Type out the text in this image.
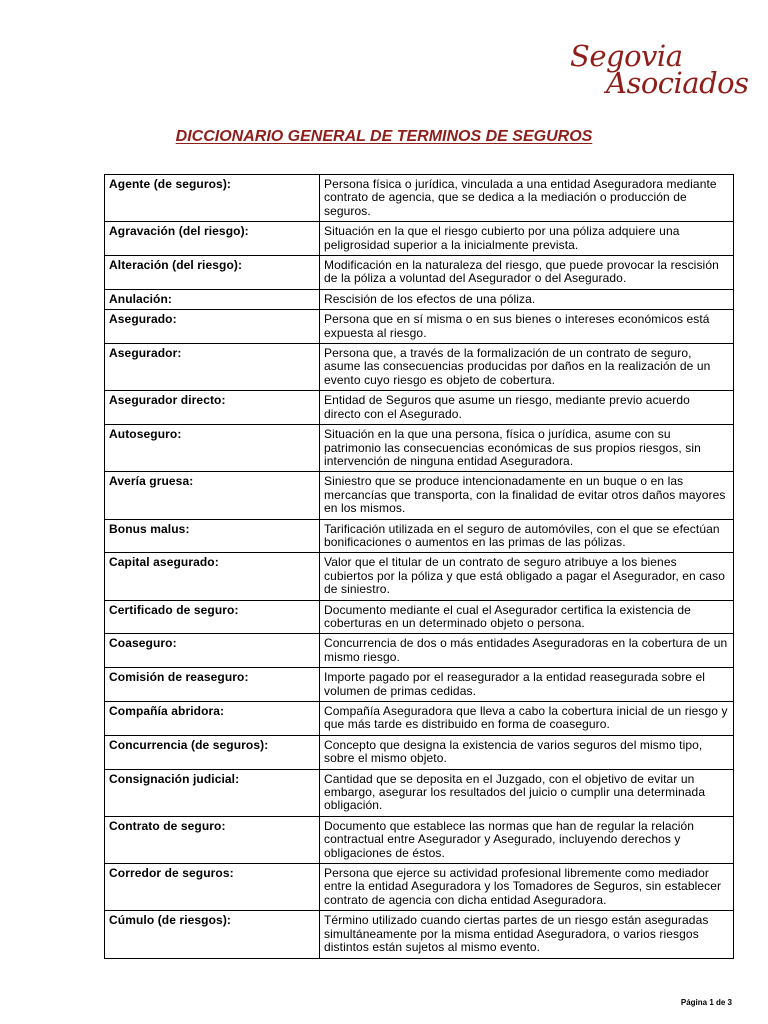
Segovia
Asociados
DICCIONARIO GENERAL DE TERMINOS DE SEGUROS
Agente (de seguros):	Persona física o jurídica, vinculada a una entidad Aseguradora mediante contrato de agencia, que se dedica a la mediación o producción de seguros.
Agravación (del riesgo):	Situación en la que el riesgo cubierto por una póliza adquiere una peligrosidad superior a la inicialmente prevista.
Alteración (del riesgo):	Modificación en la naturaleza del riesgo, que puede provocar la rescisión de la póliza a voluntad del Asegurador o del Asegurado.
Anulación:	Rescisión de los efectos de una póliza.
Asegurado:	Persona que en sí misma o en sus bienes o intereses económicos está expuesta al riesgo.
Asegurador:	Persona que, a través de la formalización de un contrato de seguro, asume las consecuencias producidas por daños en la realización de un evento cuyo riesgo es objeto de cobertura.
Asegurador directo:	Entidad de Seguros que asume un riesgo, mediante previo acuerdo directo con el Asegurado.
Autoseguro:	Situación en la que una persona, física o jurídica, asume con su patrimonio las consecuencias económicas de sus propios riesgos, sin intervención de ninguna entidad Aseguradora.
Avería gruesa:	Siniestro que se produce intencionadamente en un buque o en las mercancías que transporta, con la finalidad de evitar otros daños mayores en los mismos.
Bonus malus:	Tarificación utilizada en el seguro de automóviles, con el que se efectúan bonificaciones o aumentos en las primas de las pólizas.
Capital asegurado:	Valor que el titular de un contrato de seguro atribuye a los bienes cubiertos por la póliza y que está obligado a pagar el Asegurador, en caso de siniestro.
Certificado de seguro:	Documento mediante el cual el Asegurador certifica la existencia de coberturas en un determinado objeto o persona.
Coaseguro:	Concurrencia de dos o más entidades Aseguradoras en la cobertura de un mismo riesgo.
Comisión de reaseguro:	Importe pagado por el reasegurador a la entidad reasegurada sobre el volumen de primas cedidas.
Compañía abridora:	Compañía Aseguradora que lleva a cabo la cobertura inicial de un riesgo y que más tarde es distribuido en forma de coaseguro.
Concurrencia (de seguros):	Concepto que designa la existencia de varios seguros del mismo tipo, sobre el mismo objeto.
Consignación judicial:	Cantidad que se deposita en el Juzgado, con el objetivo de evitar un embargo, asegurar los resultados del juicio o cumplir una determinada obligación.
Contrato de seguro:	Documento que establece las normas que han de regular la relación contractual entre Asegurador y Asegurado, incluyendo derechos y obligaciones de éstos.
Corredor de seguros:	Persona que ejerce su actividad profesional libremente como mediador entre la entidad Aseguradora y los Tomadores de Seguros, sin establecer contrato de agencia con dicha entidad Aseguradora.
Cúmulo (de riesgos):	Término utilizado cuando ciertas partes de un riesgo están aseguradas simultáneamente por la misma entidad Aseguradora, o varios riesgos distintos están sujetos al mismo evento.
Página 1 de 3
